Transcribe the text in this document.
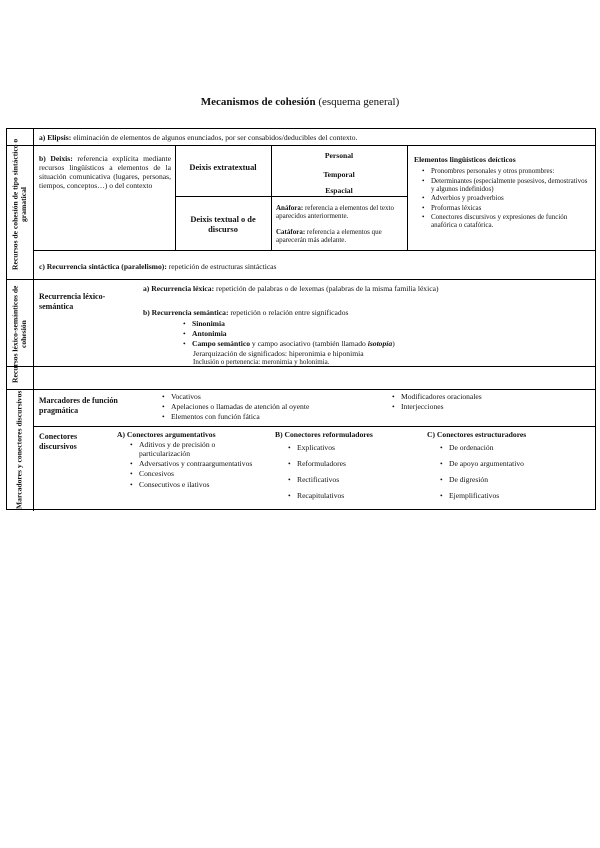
Mecanismos de cohesión (esquema general)
Recursos de cohesión de tipo sintáctico o gramatical
Recursos léxico-semánticos de cohesión
Marcadores y conectores discursivos
a) Elipsis: eliminación de elementos de algunos enunciados, por ser consabidos/deducibles del contexto.
b) Deixis: referencia explícita mediante recursos lingüísticos a elementos de la situación comunicativa (lugares, personas, tiempos, conceptos…) o del contexto
Deixis extratextual
Deixis textual o de discurso
Personal
Temporal
Espacial
Anáfora: referencia a elementos del texto aparecidos anteriormente.
Catáfora: referencia a elementos que aparecerán más adelante.
Elementos lingüísticos deícticos
• Pronombres personales y otros pronombres:
• Determinantes (especialmente posesivos, demostrativos y algunos indefinidos)
• Adverbios y proadverbios
• Proformas léxicas
• Conectores discursivos y expresiones de función anafórica o catafórica.
c) Recurrencia sintáctica (paralelismo): repetición de estructuras sintácticas
Recurrencia léxico-semántica
a) Recurrencia léxica: repetición de palabras o de lexemas (palabras de la misma familia léxica)
b) Recurrencia semántica: repetición o relación entre significados
• Sinonimia
• Antonimia
• Campo semántico y campo asociativo (también llamado isotopía)
Jerarquización de significados: hiperonimia e hiponimia
Inclusión o pertenencia: meronimia y holonimia.
Marcadores de función pragmática
• Vocativos
• Apelaciones o llamadas de atención al oyente
• Elementos con función fática
• Modificadores oracionales
• Interjecciones
Conectores discursivos
A) Conectores argumentativos
• Aditivos y de precisión o particularización
• Adversativos y contraargumentativos
• Concesivos
• Consecutivos e ilativos
B) Conectores reformuladores
• Explicativos
• Reformuladores
• Rectificativos
• Recapitulativos
C) Conectores estructuradores
• De ordenación
• De apoyo argumentativo
• De digresión
• Ejemplificativos
